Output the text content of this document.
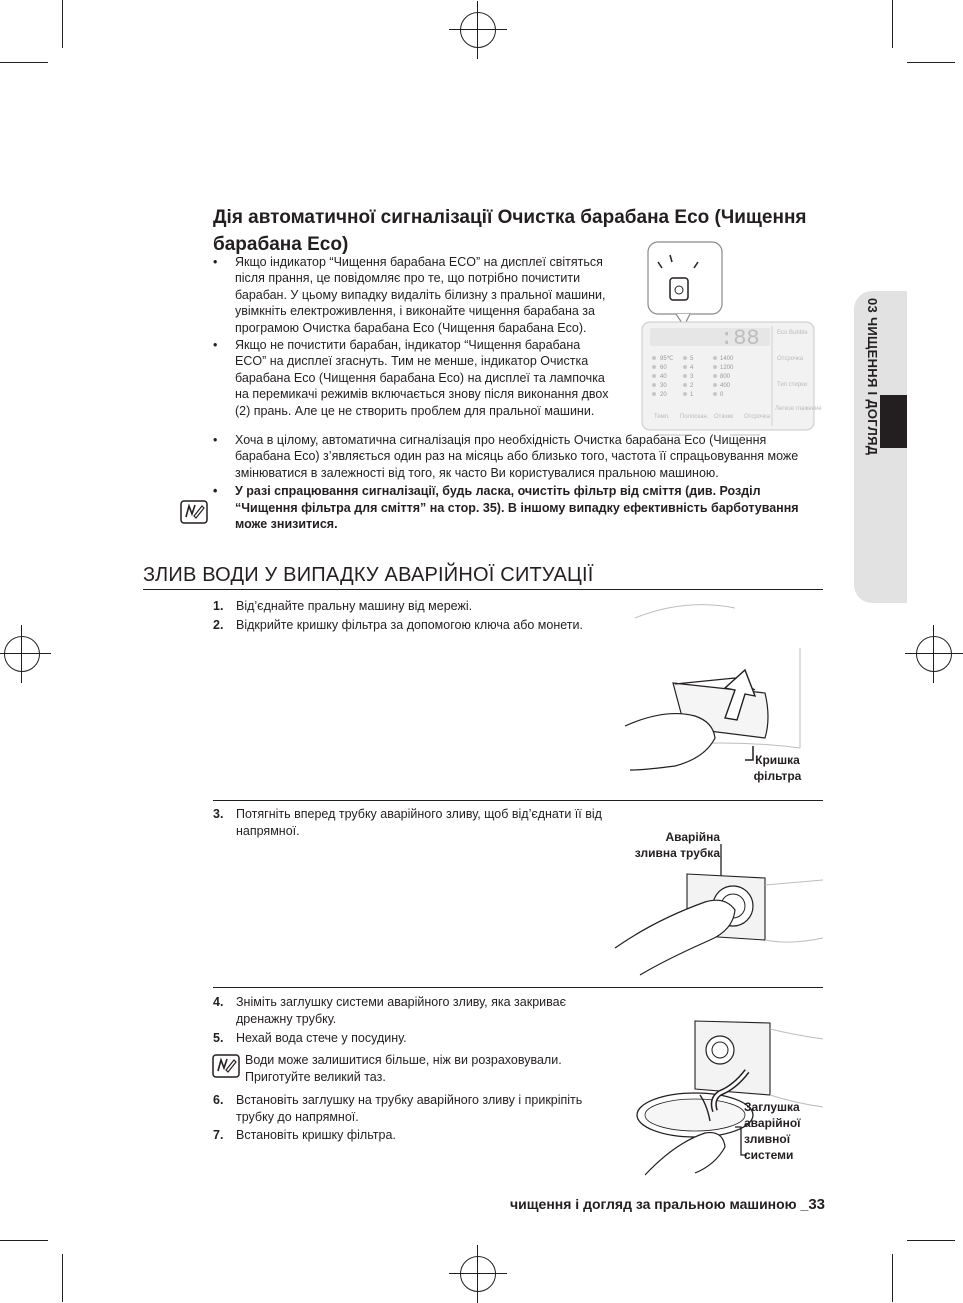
03 ЧИЩЕННЯ І ДОГЛЯД
Дія автоматичної сигналізації Очистка барабана Eco (Чищення барабана Eco)
• Якщо індикатор “Чищення барабана ECO” на дисплеї світяться після прання, це повідомляє про те, що потрібно почистити барабан. У цьому випадку видаліть білизну з пральної машини, увімкніть електроживлення, і виконайте чищення барабана за програмою Очистка барабана Eco (Чищення барабана Eco).
• Якщо не почистити барабан, індикатор “Чищення барабана ECO” на дисплеї згаснуть. Тим не менше, індикатор Очистка барабана Eco (Чищення барабана Eco) на дисплеї та лампочка на перемикачі режимів включається знову після виконання двох (2) прань. Але це не створить проблем для пральної машини.
• Хоча в цілому, автоматична сигналізація про необхідність Очистка барабана Eco (Чищення барабана Eco) з’являється один раз на місяць або близько того, частота її спрацьовування може змінюватися в залежності від того, як часто Ви користувалися пральною машиною.
• У разі спрацювання сигналізації, будь ласка, очистіть фільтр від сміття (див. Розділ “Чищення фільтра для сміття” на стор. 35). В іншому випадку ефективність барботування може знизитися.
:88
95℃
60
40
30
20
5
4
3
2
1
1400
1200
800
400
0
Eco Bubble
Отсрочка
Тип стирки
Легкое глажение
Темп. Полоскан. Отжим Отсрочка
ЗЛИВ ВОДИ У ВИПАДКУ АВАРІЙНОЇ СИТУАЦІЇ
1. Від’єднайте пральну машину від мережі.
2. Відкрийте кришку фільтра за допомогою ключа або монети.
Кришка фільтра
3. Потягніть вперед трубку аварійного зливу, щоб від’єднати її від напрямної.	Аварійна зливна трубка
4. Зніміть заглушку системи аварійного зливу, яка закриває дренажну трубку.
5. Нехай вода стече у посудину.
Води може залишитися більше, ніж ви розраховували. Приготуйте великий таз.
6. Встановіть заглушку на трубку аварійного зливу і прикріпіть трубку до напрямної.
7. Встановіть кришку фільтра.
Заглушка аварійної зливної системи
чищення і догляд за пральною машиною _33
